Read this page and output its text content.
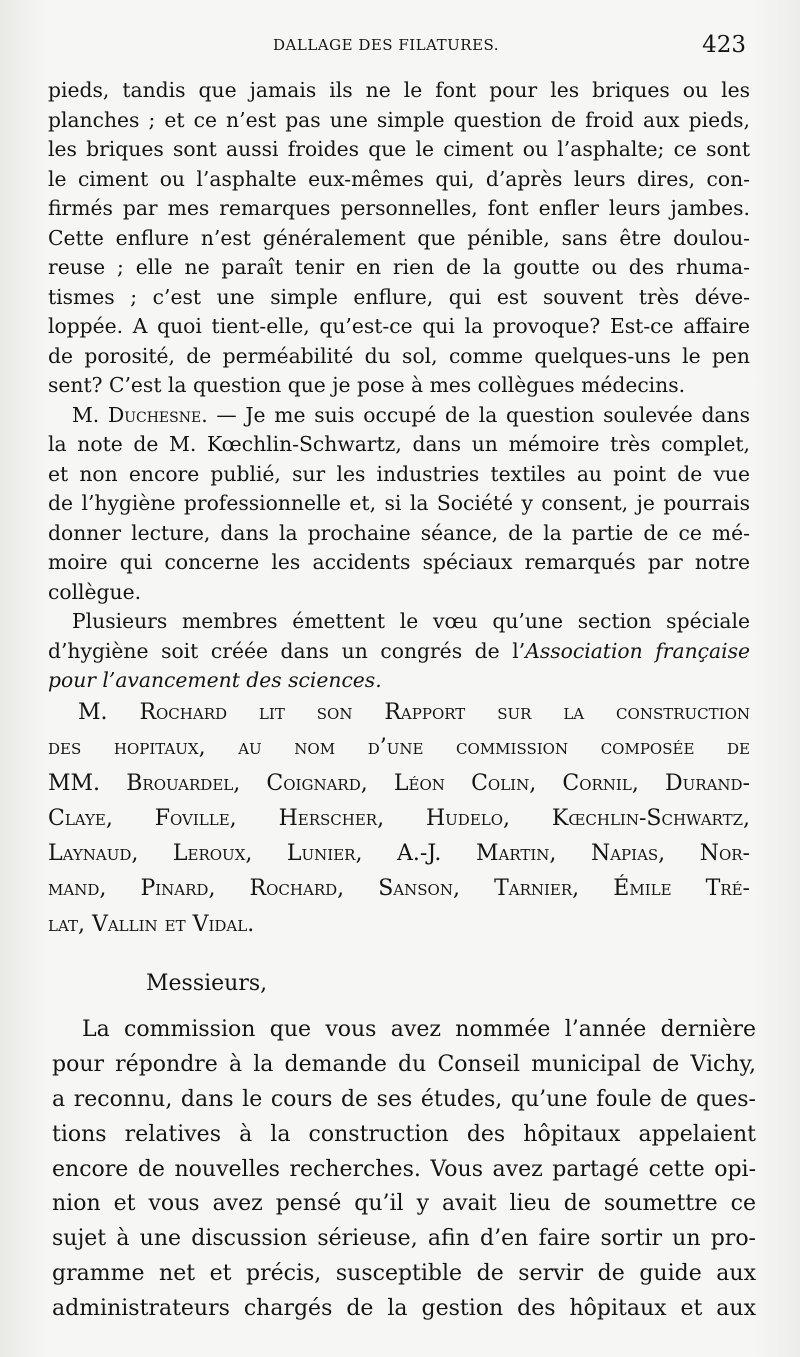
DALLAGE DES FILATURES.	423
pieds, tandis que jamais ils ne le font pour les briques ou les
planches ; et ce n’est pas une simple question de froid aux pieds,
les briques sont aussi froides que le ciment ou l’asphalte; ce sont
le ciment ou l’asphalte eux-mêmes qui, d’après leurs dires, con-
firmés par mes remarques personnelles, font enfler leurs jambes.
Cette enflure n’est généralement que pénible, sans être doulou-
reuse ; elle ne paraît tenir en rien de la goutte ou des rhuma-
tismes ; c’est une simple enflure, qui est souvent très déve-
loppée. A quoi tient-elle, qu’est-ce qui la provoque? Est-ce affaire
de porosité, de perméabilité du sol, comme quelques-uns le pen
sent? C’est la question que je pose à mes collègues médecins.
M. Duchesne. — Je me suis occupé de la question soulevée dans
la note de M. Kœchlin-Schwartz, dans un mémoire très complet,
et non encore publié, sur les industries textiles au point de vue
de l’hygiène professionnelle et, si la Société y consent, je pourrais
donner lecture, dans la prochaine séance, de la partie de ce mé-
moire qui concerne les accidents spéciaux remarqués par notre
collègue.
Plusieurs membres émettent le vœu qu’une section spéciale
d’hygiène soit créée dans un congrés de l’Association française
pour l’avancement des sciences.
M. Rochard lit son Rapport sur la construction
des hopitaux, au nom d’une commission composée de
MM. Brouardel, Coignard, Léon Colin, Cornil, Durand-
Claye, Foville, Herscher, Hudelo, Kœchlin-Schwartz,
Laynaud, Leroux, Lunier, A.-J. Martin, Napias, Nor-
mand, Pinard, Rochard, Sanson, Tarnier, Émile Tré-
lat, Vallin et Vidal.
Messieurs,
La commission que vous avez nommée l’année dernière
pour répondre à la demande du Conseil municipal de Vichy,
a reconnu, dans le cours de ses études, qu’une foule de ques-
tions relatives à la construction des hôpitaux appelaient
encore de nouvelles recherches. Vous avez partagé cette opi-
nion et vous avez pensé qu’il y avait lieu de soumettre ce
sujet à une discussion sérieuse, afin d’en faire sortir un pro-
gramme net et précis, susceptible de servir de guide aux
administrateurs chargés de la gestion des hôpitaux et aux
